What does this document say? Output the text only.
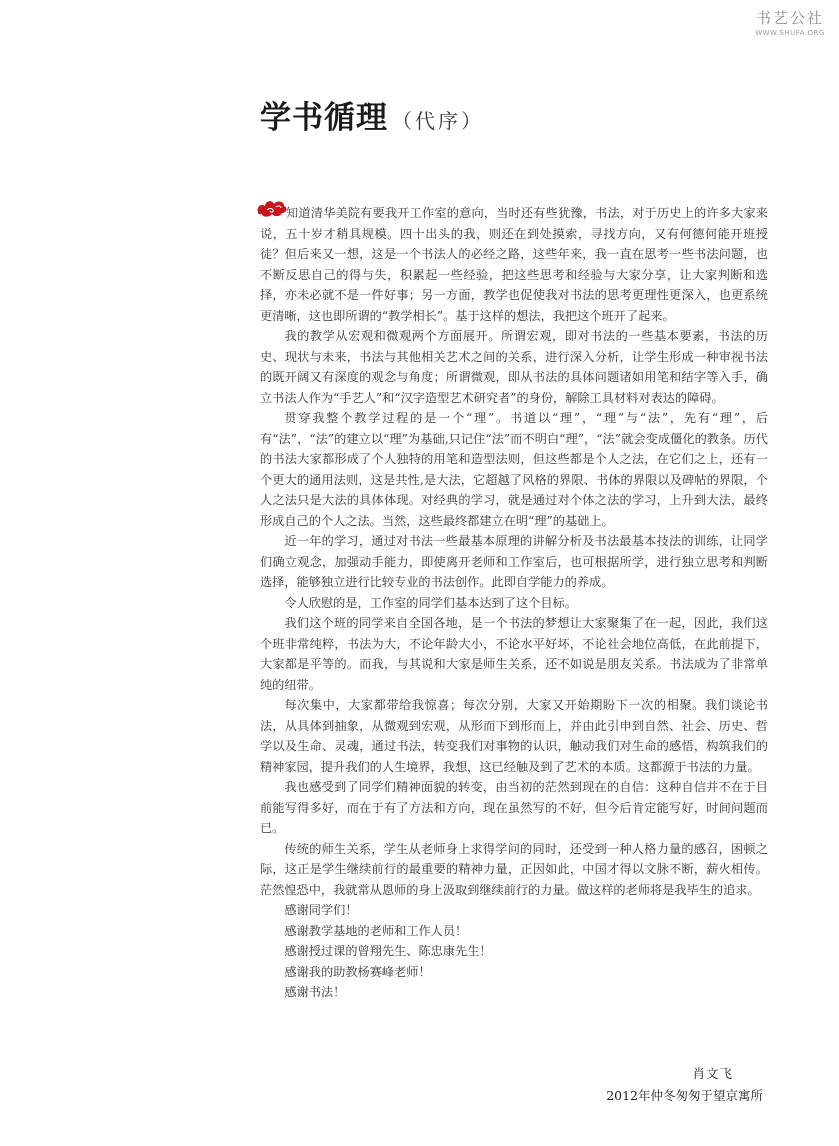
书艺公社
WWW.SHUFA.ORG
学书循理 （代序）

知道清华美院有要我开工作室的意向，当时还有些犹豫，书法，对于历史上的许多大家来说，五十岁才稍具规模。四十出头的我，则还在到处摸索，寻找方向，又有何德何能开班授徒？但后来又一想，这是一个书法人的必经之路，这些年来，我一直在思考一些书法问题，也不断反思自己的得与失，积累起一些经验，把这些思考和经验与大家分享，让大家判断和选择，亦未必就不是一件好事；另一方面，教学也促使我对书法的思考更理性更深入，也更系统更清晰，这也即所谓的“教学相长”。基于这样的想法，我把这个班开了起来。

我的教学从宏观和微观两个方面展开。所谓宏观，即对书法的一些基本要素，书法的历史、现状与未来，书法与其他相关艺术之间的关系，进行深入分析，让学生形成一种审视书法的既开阔又有深度的观念与角度；所谓微观，即从书法的具体问题诸如用笔和结字等入手，确立书法人作为“手艺人”和“汉字造型艺术研究者”的身份，解除工具材料对表达的障碍。

贯穿我整个教学过程的是一个“理”。书道以“理”，“理”与“法”，先有“理”，后有“法”，“法”的建立以“理”为基础,只记住“法”而不明白“理”，“法”就会变成僵化的教条。历代的书法大家都形成了个人独特的用笔和造型法则，但这些都是个人之法，在它们之上，还有一个更大的通用法则，这是共性,是大法，它超越了风格的界限、书体的界限以及碑帖的界限，个人之法只是大法的具体体现。对经典的学习，就是通过对个体之法的学习，上升到大法，最终形成自己的个人之法。当然，这些最终都建立在明“理”的基础上。

近一年的学习，通过对书法一些最基本原理的讲解分析及书法最基本技法的训练，让同学们确立观念，加强动手能力，即使离开老师和工作室后，也可根据所学，进行独立思考和判断选择，能够独立进行比较专业的书法创作。此即自学能力的养成。

令人欣慰的是，工作室的同学们基本达到了这个目标。

我们这个班的同学来自全国各地，是一个书法的梦想让大家聚集了在一起，因此，我们这个班非常纯粹，书法为大，不论年龄大小，不论水平好坏，不论社会地位高低，在此前提下，大家都是平等的。而我，与其说和大家是师生关系，还不如说是朋友关系。书法成为了非常单纯的纽带。

每次集中，大家都带给我惊喜；每次分别，大家又开始期盼下一次的相聚。我们谈论书法，从具体到抽象，从微观到宏观，从形而下到形而上，并由此引申到自然、社会、历史、哲学以及生命、灵魂，通过书法，转变我们对事物的认识，触动我们对生命的感悟，构筑我们的精神家园，提升我们的人生境界，我想，这已经触及到了艺术的本质。这都源于书法的力量。

我也感受到了同学们精神面貌的转变，由当初的茫然到现在的自信：这种自信并不在于目前能写得多好，而在于有了方法和方向，现在虽然写的不好，但今后肯定能写好，时间问题而已。

传统的师生关系，学生从老师身上求得学问的同时，还受到一种人格力量的感召，困顿之际，这正是学生继续前行的最重要的精神力量，正因如此，中国才得以文脉不断，薪火相传。茫然惶恐中，我就常从恩师的身上汲取到继续前行的力量。做这样的老师将是我毕生的追求。

感谢同学们！

感谢教学基地的老师和工作人员！

感谢授过课的曾翔先生、陈忠康先生！

感谢我的助教杨赛峰老师！

感谢书法！

肖文飞
2012年仲冬匆匆于望京寓所
